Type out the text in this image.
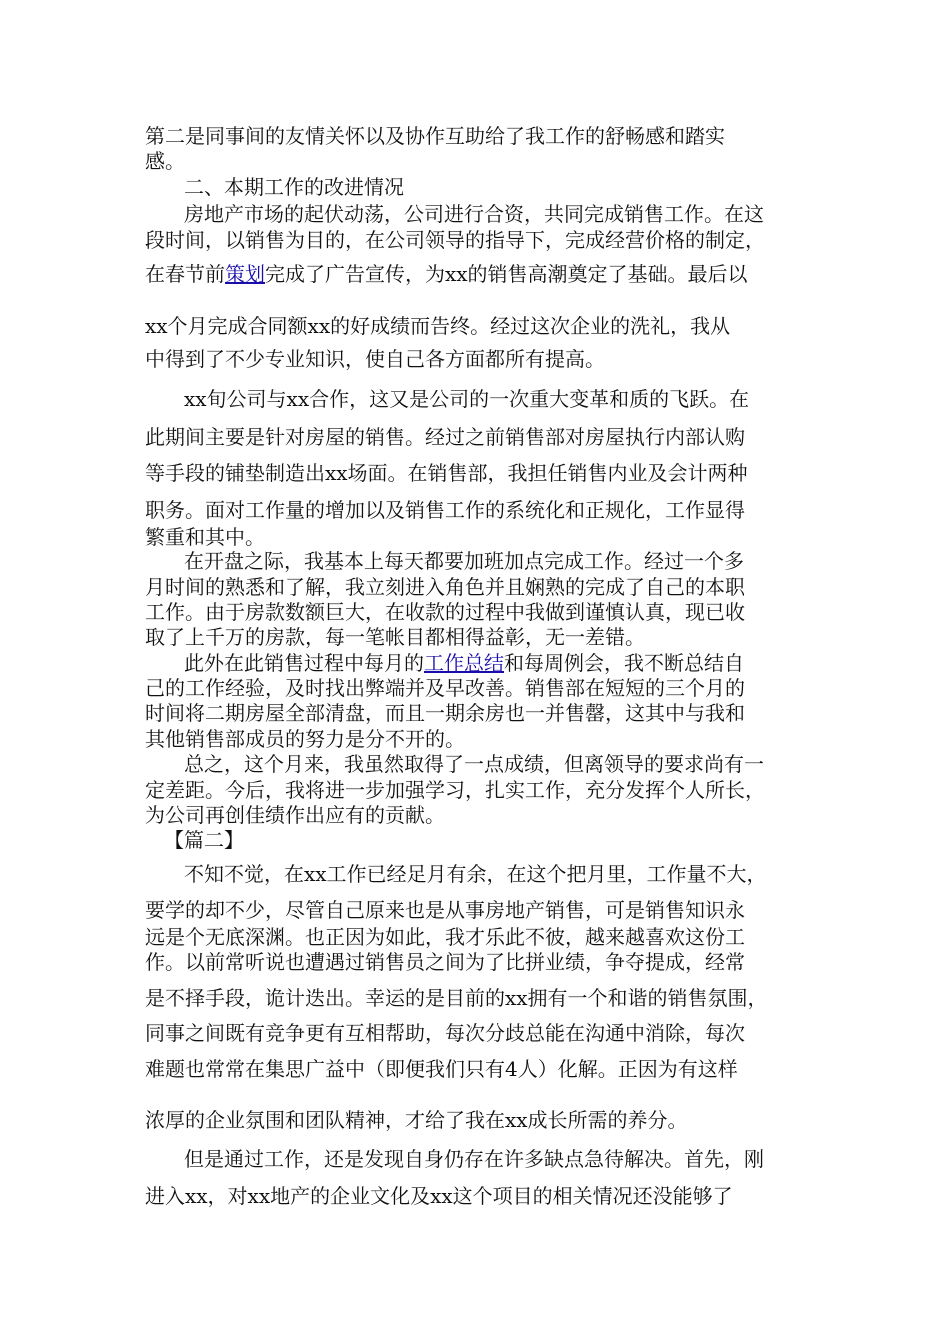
第二是同事间的友情关怀以及协作互助给了我工作的舒畅感和踏实
感。
二、本期工作的改进情况
房地产市场的起伏动荡，公司进行合资，共同完成销售工作。在这
段时间，以销售为目的，在公司领导的指导下，完成经营价格的制定，
在春节前策划完成了广告宣传，为xx的销售高潮奠定了基础。最后以
xx个月完成合同额xx的好成绩而告终。经过这次企业的洗礼，我从
中得到了不少专业知识，使自己各方面都所有提高。
xx旬公司与xx合作，这又是公司的一次重大变革和质的飞跃。在
此期间主要是针对房屋的销售。经过之前销售部对房屋执行内部认购
等手段的铺垫制造出xx场面。在销售部，我担任销售内业及会计两种
职务。面对工作量的增加以及销售工作的系统化和正规化，工作显得
繁重和其中。
在开盘之际，我基本上每天都要加班加点完成工作。经过一个多
月时间的熟悉和了解，我立刻进入角色并且娴熟的完成了自己的本职
工作。由于房款数额巨大，在收款的过程中我做到谨慎认真，现已收
取了上千万的房款，每一笔帐目都相得益彰，无一差错。
此外在此销售过程中每月的工作总结和每周例会，我不断总结自
己的工作经验，及时找出弊端并及早改善。销售部在短短的三个月的
时间将二期房屋全部清盘，而且一期余房也一并售罄，这其中与我和
其他销售部成员的努力是分不开的。
总之，这个月来，我虽然取得了一点成绩，但离领导的要求尚有一
定差距。今后，我将进一步加强学习，扎实工作，充分发挥个人所长，
为公司再创佳绩作出应有的贡献。
【篇二】
不知不觉，在xx工作已经足月有余，在这个把月里，工作量不大，
要学的却不少，尽管自己原来也是从事房地产销售，可是销售知识永
远是个无底深渊。也正因为如此，我才乐此不彼，越来越喜欢这份工
作。以前常听说也遭遇过销售员之间为了比拼业绩，争夺提成，经常
是不择手段，诡计迭出。幸运的是目前的xx拥有一个和谐的销售氛围，
同事之间既有竞争更有互相帮助，每次分歧总能在沟通中消除，每次
难题也常常在集思广益中（即便我们只有4人）化解。正因为有这样
浓厚的企业氛围和团队精神，才给了我在xx成长所需的养分。
但是通过工作，还是发现自身仍存在许多缺点急待解决。首先，刚
进入xx，对xx地产的企业文化及xx这个项目的相关情况还没能够了
